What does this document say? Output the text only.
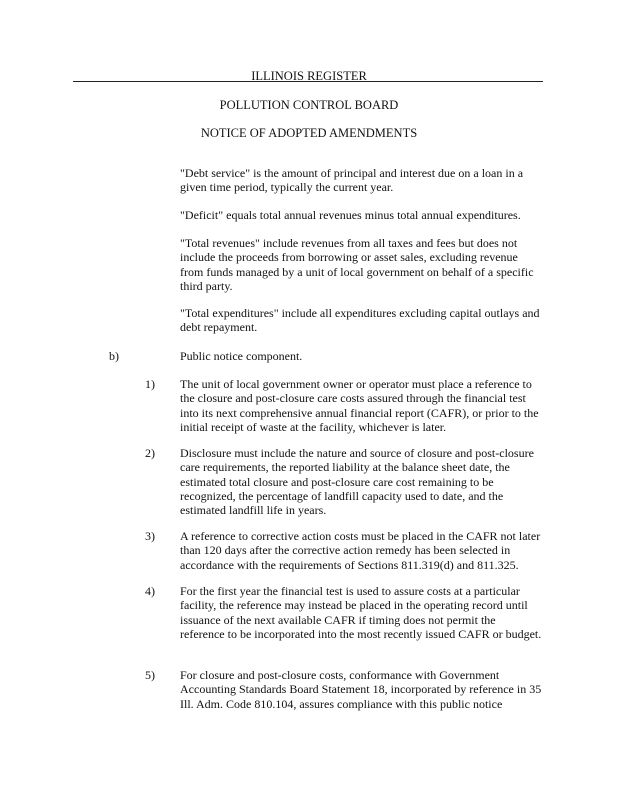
ILLINOIS REGISTER
POLLUTION CONTROL BOARD
NOTICE OF ADOPTED AMENDMENTS
"Debt service" is the amount of principal and interest due on a loan in a given time period, typically the current year.
"Deficit" equals total annual revenues minus total annual expenditures.
"Total revenues" include revenues from all taxes and fees but does not include the proceeds from borrowing or asset sales, excluding revenue from funds managed by a unit of local government on behalf of a specific third party.
"Total expenditures" include all expenditures excluding capital outlays and debt repayment.
b)	Public notice component.
1) The unit of local government owner or operator must place a reference to the closure and post-closure care costs assured through the financial test into its next comprehensive annual financial report (CAFR), or prior to the initial receipt of waste at the facility, whichever is later.
2) Disclosure must include the nature and source of closure and post-closure care requirements, the reported liability at the balance sheet date, the estimated total closure and post-closure care cost remaining to be recognized, the percentage of landfill capacity used to date, and the estimated landfill life in years.
3) A reference to corrective action costs must be placed in the CAFR not later than 120 days after the corrective action remedy has been selected in accordance with the requirements of Sections 811.319(d) and 811.325.
4) For the first year the financial test is used to assure costs at a particular facility, the reference may instead be placed in the operating record until issuance of the next available CAFR if timing does not permit the reference to be incorporated into the most recently issued CAFR or budget.
5) For closure and post-closure costs, conformance with Government Accounting Standards Board Statement 18, incorporated by reference in 35 Ill. Adm. Code 810.104, assures compliance with this public notice
